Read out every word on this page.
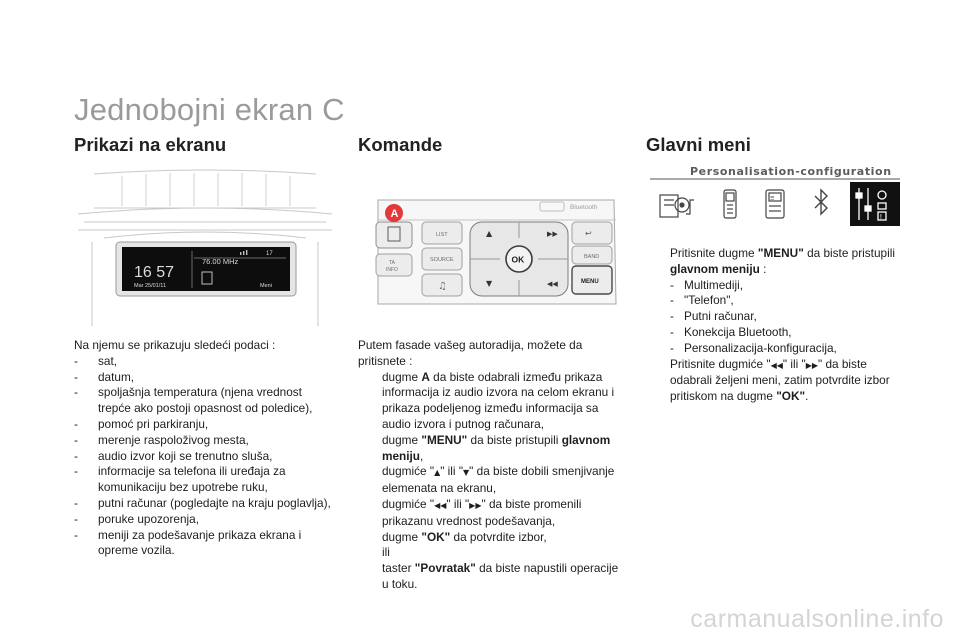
Jednobojni ekran C
Prikazi na ekranu
16 57
Mar 25/01/11
76.00 MHz
17
Meni

Na njemu se prikazuju sledeći podaci :

- sat,
- datum,
- spoljašnja temperatura (njena vrednost trepće ako postoji opasnost od poledice),
- pomoć pri parkiranju,
- merenje raspoloživog mesta,
- audio izvor koji se trenutno sluša,
- informacije sa telefona ili uređaja za komunikaciju bez upotrebe ruku,
- putni računar (pogledajte na kraju poglavlja),
- poruke upozorenja,
- meniji za podešavanje prikaza ekrana i opreme vozila.
Komande
Bluetooth
A
TA
INFO
LIST
SOURCE
♫
▲	▶▶
▼	◀◀
OK
↩
BAND
MENU

Putem fasade vašeg autoradija, možete da pritisnete :

dugme A da biste odabrali između prikaza informacija iz audio izvora na celom ekranu i prikaza podeljenog između informacija sa audio izvora i putnog računara,
dugme "MENU" da biste pristupili glavnom meniju,
dugmiće "▲" ili "▼" da biste dobili smenjivanje elemenata na ekranu,
dugmiće "◀◀" ili "▶▶" da biste promenili prikazanu vrednost podešavanja,
dugme "OK" da potvrdite izbor,
ili
taster "Povratak" da biste napustili operacije u toku.
Glavni meni
Personalisation-configuration
☰
!
Pritisnite dugme "MENU" da biste pristupili glavnom meniju :
- Multimediji,
- "Telefon",
- Putni računar,
- Konekcija Bluetooth,
- Personalizacija-konfiguracija,
Pritisnite dugmiće "◀◀" ili "▶▶" da biste odabrali željeni meni, zatim potvrdite izbor pritiskom na dugme "OK".
carmanualsonline.info
